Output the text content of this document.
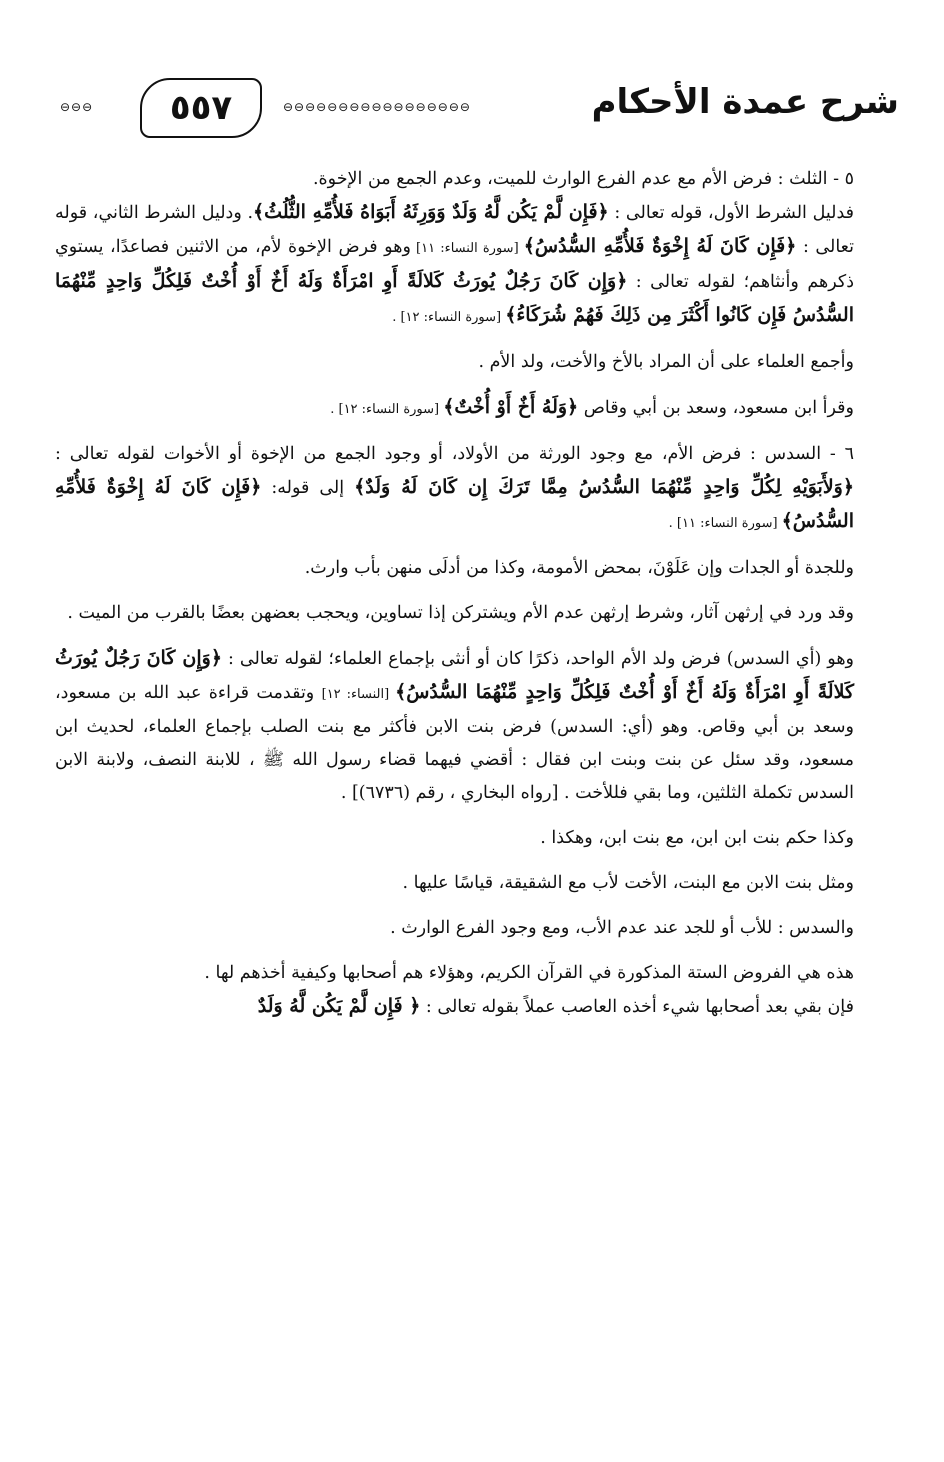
⊖⊖⊖	٥٥٧	⊖⊖⊖⊖⊖⊖⊖⊖⊖⊖⊖⊖⊖⊖⊖⊖⊖	شرح عمدة الأحكام

٥ - الثلث : فرض الأم مع عدم الفرع الوارث للميت، وعدم الجمع من الإخوة.

فدليل الشرط الأول، قوله تعالى : ﴿فَإِن لَّمْ يَكُن لَّهُ وَلَدٌ وَوَرِثَهُ أَبَوَاهُ فَلأُمِّهِ الثُّلُثُ﴾. ودليل الشرط الثاني، قوله تعالى : ﴿فَإِن كَانَ لَهُ إِخْوَةٌ فَلأُمِّهِ السُّدُسُ﴾ [سورة النساء: ١١] وهو فرض الإخوة لأم، من الاثنين فصاعدًا، يستوي ذكرهم وأنثاهم؛ لقوله تعالى : ﴿وَإِن كَانَ رَجُلٌ يُورَثُ كَلالَةً أَوِ امْرَأَةٌ وَلَهُ أَخٌ أَوْ أُخْتٌ فَلِكُلِّ وَاحِدٍ مِّنْهُمَا السُّدُسُ فَإِن كَانُوا أَكْثَرَ مِن ذَلِكَ فَهُمْ شُرَكَاءُ﴾ [سورة النساء: ١٢] .

وأجمع العلماء على أن المراد بالأخ والأخت، ولد الأم .

وقرأ ابن مسعود، وسعد بن أبي وقاص ﴿وَلَهُ أَخٌ أَوْ أُخْتٌ﴾ [سورة النساء: ١٢] .

٦ - السدس : فرض الأم، مع وجود الورثة من الأولاد، أو وجود الجمع من الإخوة أو الأخوات لقوله تعالى : ﴿وَلأَبَوَيْهِ لِكُلِّ وَاحِدٍ مِّنْهُمَا السُّدُسُ مِمَّا تَرَكَ إِن كَانَ لَهُ وَلَدٌ﴾ إلى قوله: ﴿فَإِن كَانَ لَهُ إِخْوَةٌ فَلأُمِّهِ السُّدُسُ﴾ [سورة النساء: ١١] .

وللجدة أو الجدات وإن عَلَوْنَ، بمحض الأمومة، وكذا من أدلَى منهن بأب وارث.

وقد ورد في إرثهن آثار، وشرط إرثهن عدم الأم ويشتركن إذا تساوين، ويحجب بعضهن بعضًا بالقرب من الميت .

وهو (أي السدس) فرض ولد الأم الواحد، ذكرًا كان أو أنثى بإجماع العلماء؛ لقوله تعالى : ﴿وَإِن كَانَ رَجُلٌ يُورَثُ كَلالَةً أَوِ امْرَأَةٌ وَلَهُ أَخٌ أَوْ أُخْتٌ فَلِكُلِّ وَاحِدٍ مِّنْهُمَا السُّدُسُ﴾ [النساء: ١٢] وتقدمت قراءة عبد الله بن مسعود، وسعد بن أبي وقاص. وهو (أي: السدس) فرض بنت الابن فأكثر مع بنت الصلب بإجماع العلماء، لحديث ابن مسعود، وقد سئل عن بنت وبنت ابن فقال : أقضي فيهما قضاء رسول الله ﷺ ، للابنة النصف، ولابنة الابن السدس تكملة الثلثين، وما بقي فللأخت . [رواه البخاري ، رقم (٦٧٣٦)] .

وكذا حكم بنت ابن ابن، مع بنت ابن، وهكذا .

ومثل بنت الابن مع البنت، الأخت لأب مع الشقيقة، قياسًا عليها .

والسدس : للأب أو للجد عند عدم الأب، ومع وجود الفرع الوارث .

هذه هي الفروض الستة المذكورة في القرآن الكريم، وهؤلاء هم أصحابها وكيفية أخذهم لها .

فإن بقي بعد أصحابها شيء أخذه العاصب عملاً بقوله تعالى : ﴿ فَإِن لَّمْ يَكُن لَّهُ وَلَدٌ
